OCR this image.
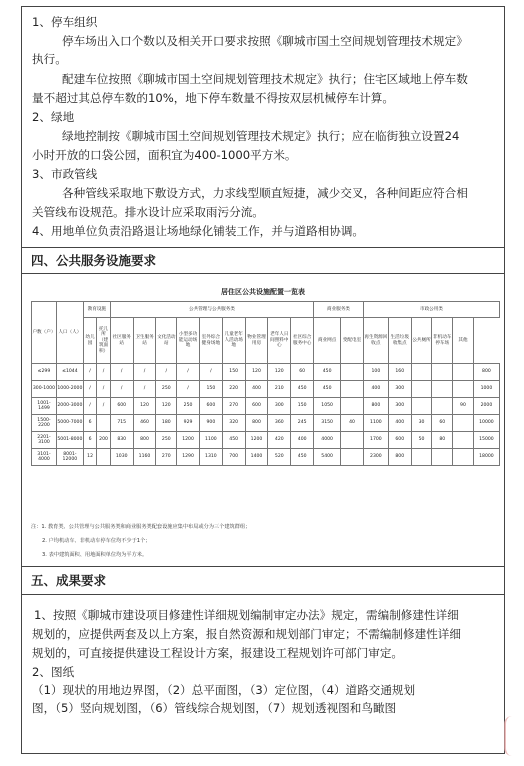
1、停车组织
停车场出入口个数以及相关开口要求按照《聊城市国土空间规划管理技术规定》
执行。
配建车位按照《聊城市国土空间规划管理技术规定》执行；住宅区域地上停车数
量不超过其总停车数的10%，地下停车数量不得按双层机械停车计算。
2、绿地
绿地控制按《聊城市国土空间规划管理技术规定》执行；应在临街独立设置24
小时开放的口袋公园，面积宜为400-1000平方米。
3、市政管线
各种管线采取地下敷设方式，力求线型顺直短捷，减少交叉，各种间距应符合相
关管线布设规范。排水设计应采取雨污分流。
4、用地单位负责沿路退让场地绿化铺装工作，并与道路相协调。
四、公共服务设施要求
居住区公共设施配置一览表
户数（户）	人口（人）	教育设施		公共管理与公共服务类									商业服务类		市政公用类					
		幼儿园	托儿所（建筑面积）	社区服务站	卫生服务站	文化活动站	小型多功能运动场地	室外综合健身场地	儿童老年人活动场地	物业管理用房	老年人日间照料中心	社区综合服务中心	商业网点	变配电室	再生资源回收点	生活垃圾收集点	公共厕所	非机动车停车场	其他	
≤299	≤1044	/	/	/	/	/	/	/	150	120	120	60	450		100	160				800
300-1000	1000-2000	/	/	/	/	250	/	150	220	400	210	450	450		400	300				1000
1001-1499	2000-3000	/	/	600	120	120	250	600	270	600	300	150	1050		800	300			90	2000
1500-2200	5000-7000	6		715	460	180	929	900	320	800	360	245	3150	40	1100	400	30	60		10000
2201-3100	5001-8000	6	200	830	800	250	1200	1100	450	1200	420	400	4000		1700	600	50	80		15000
3101-4000	8001-12000	12		1030	1160	270	1290	1310	700	1400	520	450	5400		2300	800				18000
注：1. 教育类、公共管理与公共服务类和商业服务类配套设施应集中布局或分为三个建筑群组；
2. 户均机动车、非机动车停车位均不少于1个；
3. 表中建筑面积、用地面积单位均为平方米。
五、成果要求
1、按照《聊城市建设项目修建性详细规划编制审定办法》规定，需编制修建性详细
规划的，应提供两套及以上方案，报自然资源和规划部门审定；不需编制修建性详细
规划的，可直接提供建设工程设计方案，报建设工程规划许可部门审定。
2、图纸
（1）现状的用地边界图，（2）总平面图，（3）定位图，（4）道路交通规划
图，（5）竖向规划图，（6）管线综合规划图，（7）规划透视图和鸟瞰图
